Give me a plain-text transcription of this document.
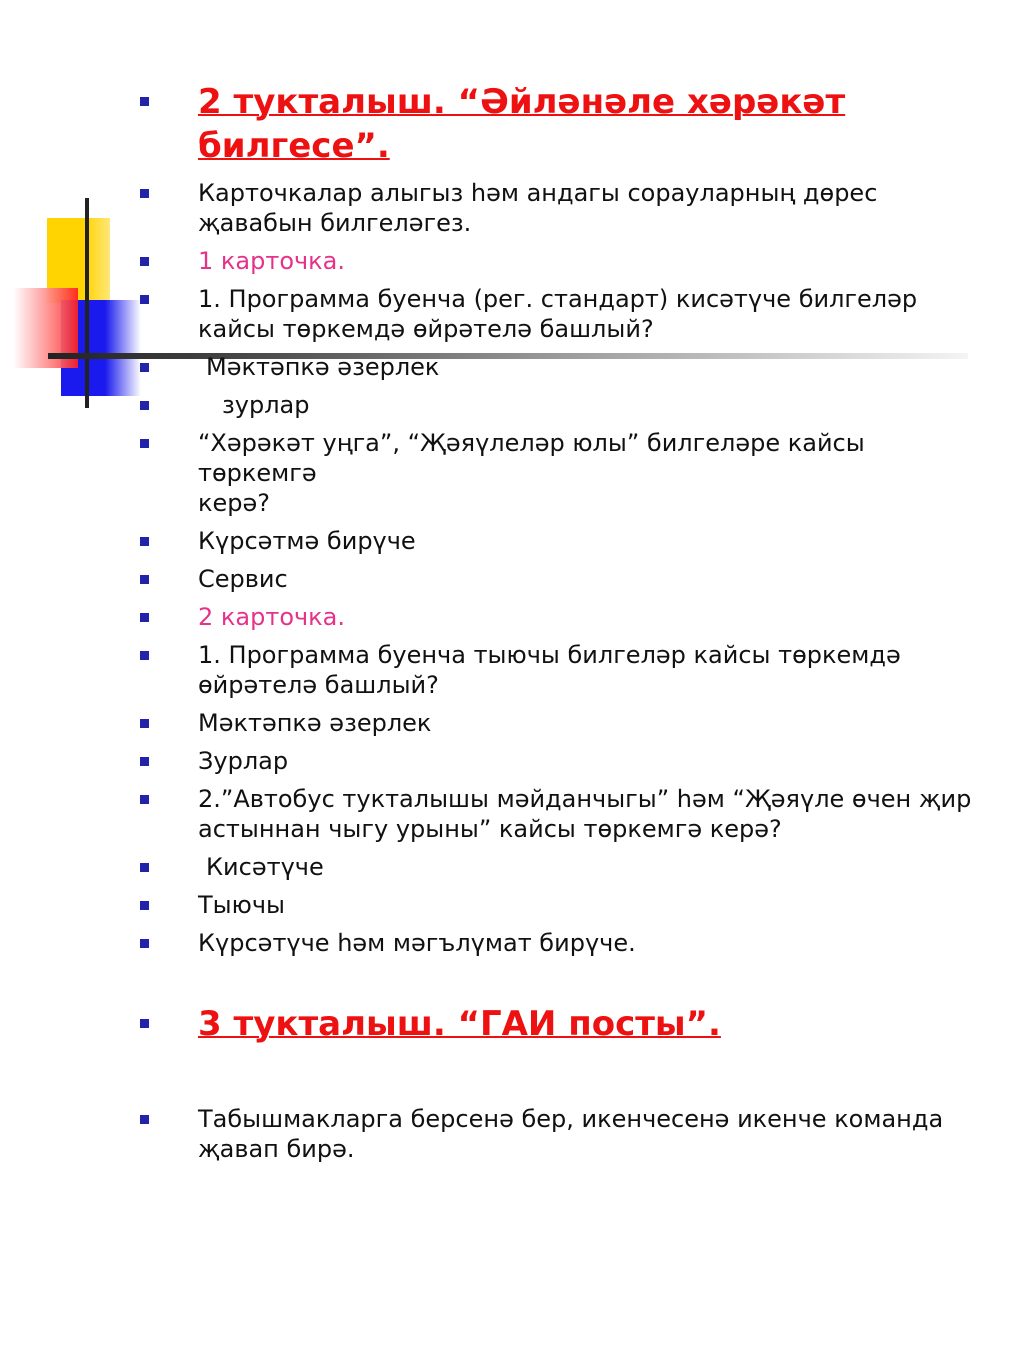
2 тукталыш. “Әйләнәле хәрәкәт
билгесе”.
Карточкалар алыгыз һәм андагы сорауларның дөрес
җавабын билгеләгез.
1 карточка.
1. Программа буенча (рег. стандарт) кисәтүче билгеләр
кайсы төркемдә өйрәтелә башлый?
Мәктәпкә әзерлек
зурлар
“Хәрәкәт уңга”, “Җәяүлеләр юлы” билгеләре кайсы төркемгә
керә?
Күрсәтмә бирүче
Сервис
2 карточка.
1. Программа буенча тыючы билгеләр кайсы төркемдә
өйрәтелә башлый?
Мәктәпкә әзерлек
Зурлар
2.”Автобус тукталышы мәйданчыгы” һәм “Җәяүле өчен җир
астыннан чыгу урыны” кайсы төркемгә керә?
Кисәтүче
Тыючы
Күрсәтүче һәм мәгълүмат бирүче.
3 тукталыш. “ГАИ посты”.
Табышмакларга берсенә бер, икенчесенә икенче команда
җавап бирә.
